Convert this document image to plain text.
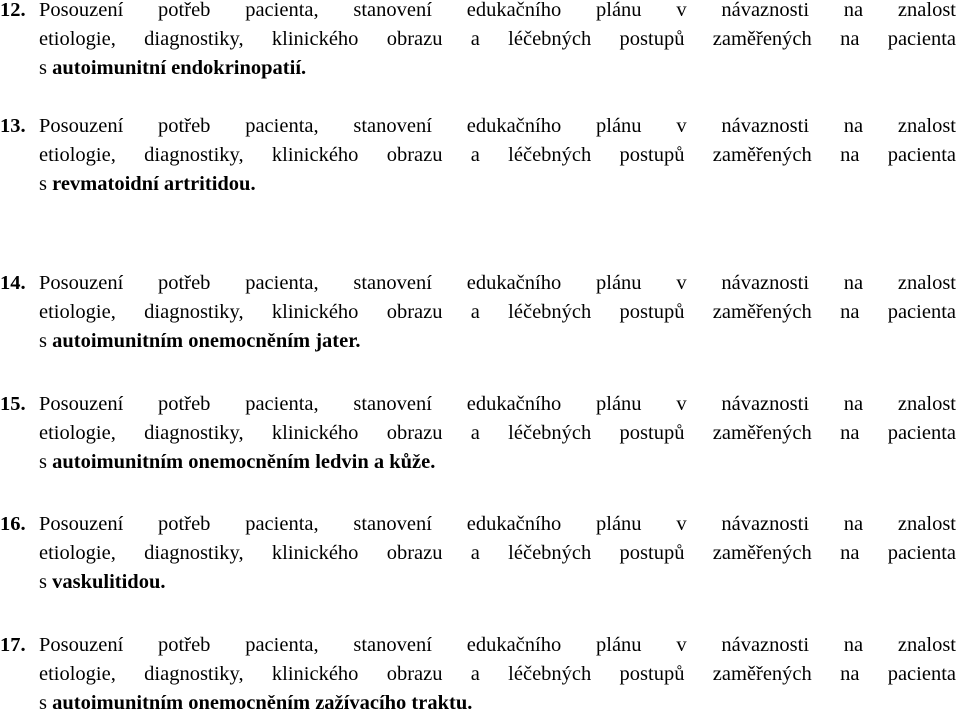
12. Posouzení potřeb pacienta, stanovení edukačního plánu v návaznosti na znalost
etiologie, diagnostiky, klinického obrazu a léčebných postupů zaměřených na pacienta
s autoimunitní endokrinopatií.
13. Posouzení potřeb pacienta, stanovení edukačního plánu v návaznosti na znalost
etiologie, diagnostiky, klinického obrazu a léčebných postupů zaměřených na pacienta
s revmatoidní artritidou.
14. Posouzení potřeb pacienta, stanovení edukačního plánu v návaznosti na znalost
etiologie, diagnostiky, klinického obrazu a léčebných postupů zaměřených na pacienta
s autoimunitním onemocněním jater.
15. Posouzení potřeb pacienta, stanovení edukačního plánu v návaznosti na znalost
etiologie, diagnostiky, klinického obrazu a léčebných postupů zaměřených na pacienta
s autoimunitním onemocněním ledvin a kůže.
16. Posouzení potřeb pacienta, stanovení edukačního plánu v návaznosti na znalost
etiologie, diagnostiky, klinického obrazu a léčebných postupů zaměřených na pacienta
s vaskulitidou.
17. Posouzení potřeb pacienta, stanovení edukačního plánu v návaznosti na znalost
etiologie, diagnostiky, klinického obrazu a léčebných postupů zaměřených na pacienta
s autoimunitním onemocněním zažívacího traktu.
